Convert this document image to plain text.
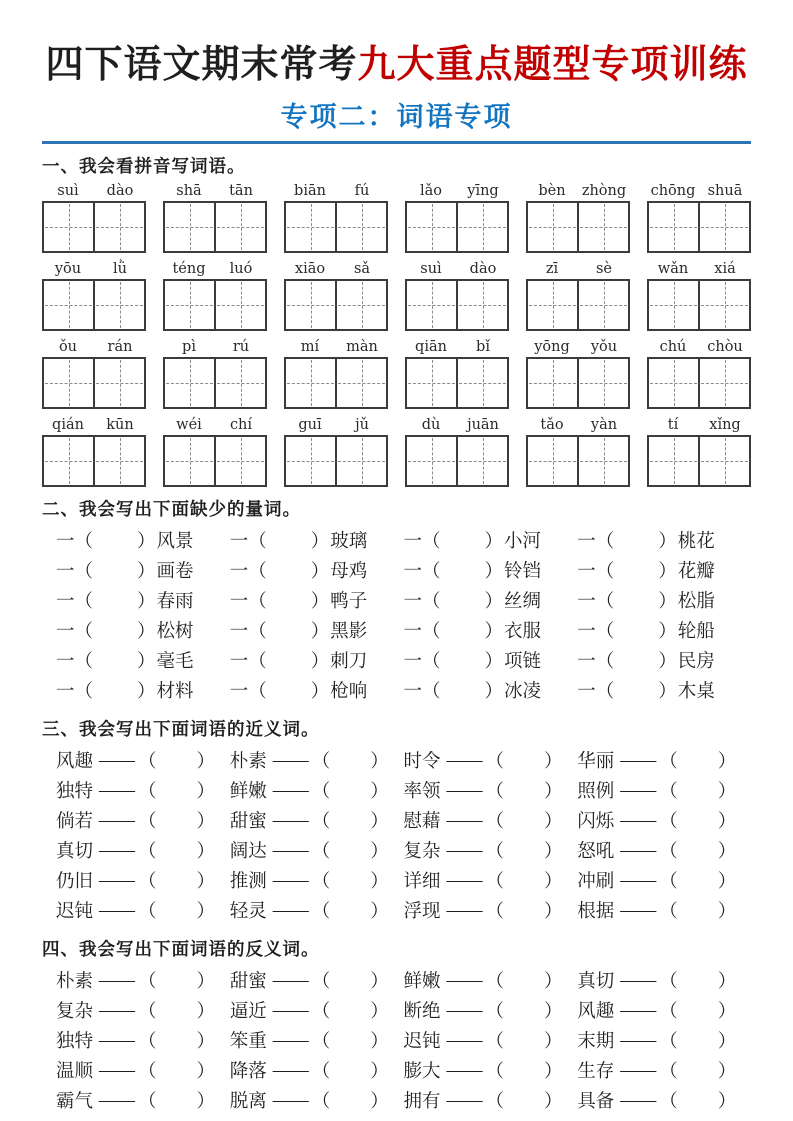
四下语文期末常考九大重点题型专项训练
专项二：词语专项
一、我会看拼音写词语。
suì	dào	shā	tān	biān	fú	lǎo	yīng	bèn	zhòng chōng shuā
yōu	lǜ	téng	luó	xiāo	sǎ	suì	dào	zī	sè	wǎn	xiá
ǒu	rán	pì	rú	mí	màn	qiān	bǐ	yōng	yǒu	chú	chòu
qián	kūn	wéi	chí	guī	jǔ	dù	juān	tǎo	yàn	tí	xǐng
二、我会写出下面缺少的量词。
一（ ）风景	一（ ）玻璃	一（ ）小河	一（ ）桃花
一（ ）画卷	一（ ）母鸡	一（ ）铃铛	一（ ）花瓣
一（ ）春雨	一（ ）鸭子	一（ ）丝绸	一（ ）松脂
一（ ）松树	一（ ）黑影	一（ ）衣服	一（ ）轮船
一（ ）毫毛	一（ ）刺刀	一（ ）项链	一（ ）民房
一（ ）材料	一（ ）枪响	一（ ）冰凌	一（ ）木桌
三、我会写出下面词语的近义词。
风趣 —— （ ） 朴素 —— （ ） 时令 —— （ ） 华丽 —— （ ）
独特 —— （ ） 鲜嫩 —— （ ） 率领 —— （ ） 照例 —— （ ）
倘若 —— （ ） 甜蜜 —— （ ） 慰藉 —— （ ） 闪烁 —— （ ）
真切 —— （ ） 阔达 —— （ ） 复杂 —— （ ） 怒吼 —— （ ）
仍旧 —— （ ） 推测 —— （ ） 详细 —— （ ） 冲刷 —— （ ）
迟钝 —— （ ） 轻灵 —— （ ） 浮现 —— （ ） 根据 —— （ ）
四、我会写出下面词语的反义词。
朴素 —— （ ） 甜蜜 —— （ ） 鲜嫩 —— （ ） 真切 —— （ ）
复杂 —— （ ） 逼近 —— （ ） 断绝 —— （ ） 风趣 —— （ ）
独特 —— （ ） 笨重 —— （ ） 迟钝 —— （ ） 末期 —— （ ）
温顺 —— （ ） 降落 —— （ ） 膨大 —— （ ） 生存 —— （ ）
霸气 —— （ ） 脱离 —— （ ） 拥有 —— （ ） 具备 —— （ ）
